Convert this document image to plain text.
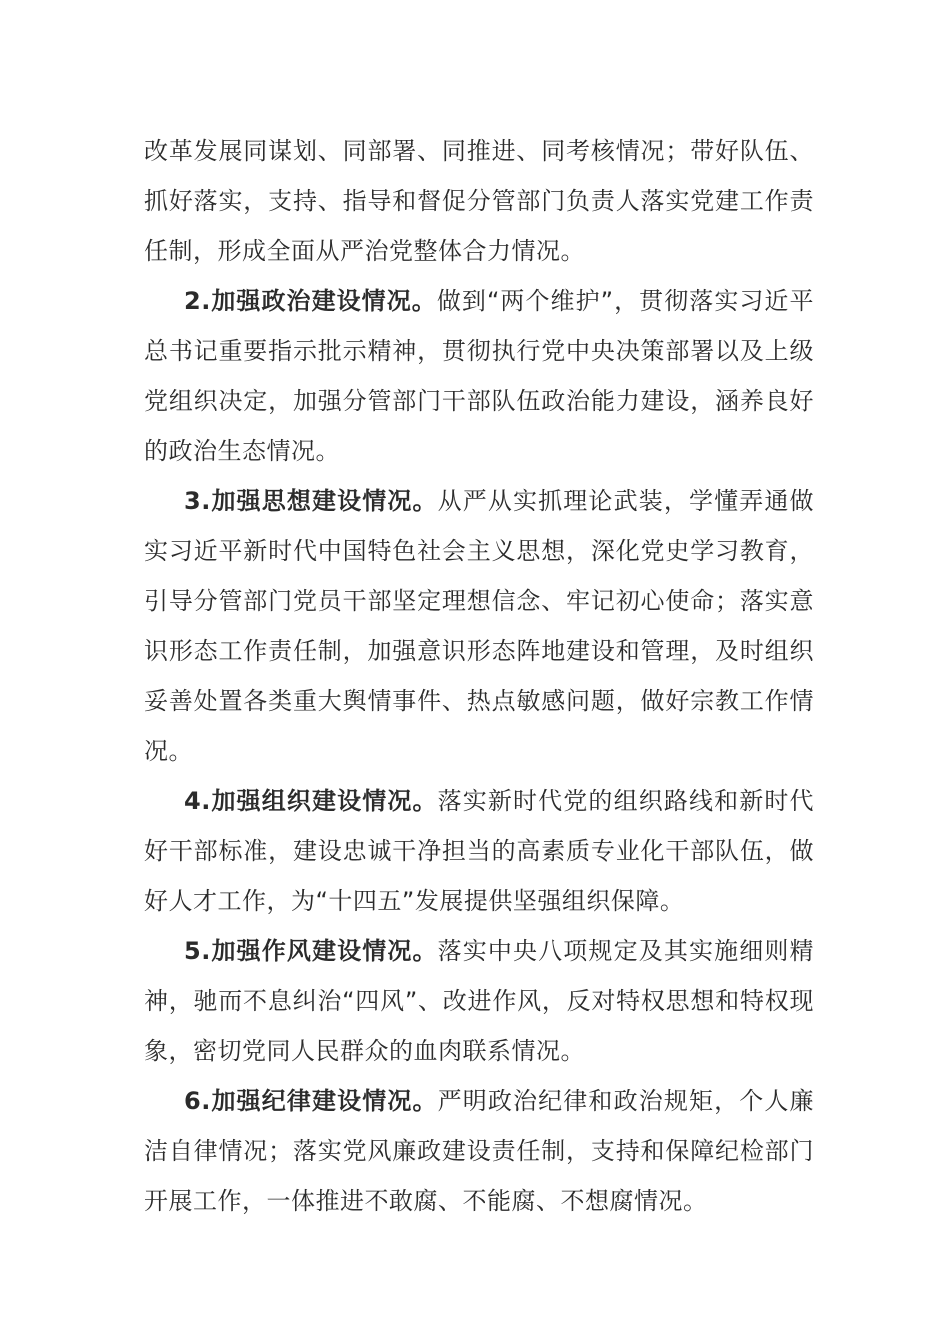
改革发展同谋划、同部署、同推进、同考核情况；带好队伍、抓好落实，支持、指导和督促分管部门负责人落实党建工作责任制，形成全面从严治党整体合力情况。

2.加强政治建设情况。做到“两个维护”，贯彻落实习近平总书记重要指示批示精神，贯彻执行党中央决策部署以及上级党组织决定，加强分管部门干部队伍政治能力建设，涵养良好的政治生态情况。

3.加强思想建设情况。从严从实抓理论武装，学懂弄通做实习近平新时代中国特色社会主义思想，深化党史学习教育，引导分管部门党员干部坚定理想信念、牢记初心使命；落实意识形态工作责任制，加强意识形态阵地建设和管理，及时组织妥善处置各类重大舆情事件、热点敏感问题，做好宗教工作情况。

4.加强组织建设情况。落实新时代党的组织路线和新时代好干部标准，建设忠诚干净担当的高素质专业化干部队伍，做好人才工作，为“十四五”发展提供坚强组织保障。

5.加强作风建设情况。落实中央八项规定及其实施细则精神，驰而不息纠治“四风”、改进作风，反对特权思想和特权现象，密切党同人民群众的血肉联系情况。

6.加强纪律建设情况。严明政治纪律和政治规矩，个人廉洁自律情况；落实党风廉政建设责任制，支持和保障纪检部门开展工作，一体推进不敢腐、不能腐、不想腐情况。
